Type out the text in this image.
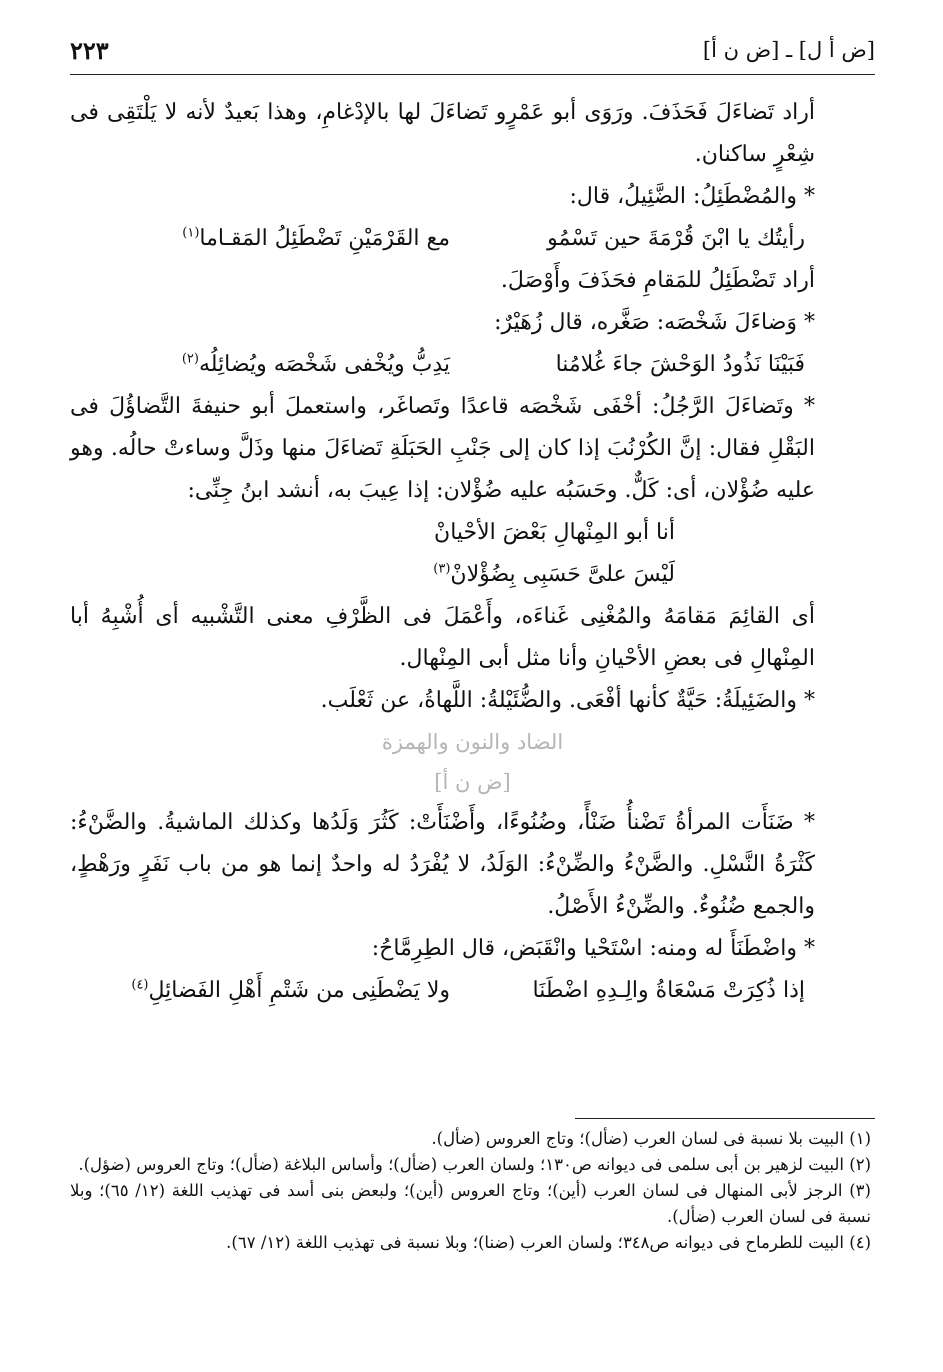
٢٢٣	[ض أ ل] ـ [ض ن أ]

أراد تَضاءَلَ فَحَذَفَ. ورَوَى أبو عَمْرٍو تَضاءَلَ لها بالإدْغامِ، وهذا بَعيدٌ لأنه لا يَلْتَقِى فى شِعْرٍ ساكنان.

* والمُضْطَئِلُ: الضَّئِيلُ، قال:

رأيتُك يا ابْنَ قُرْمَةَ حين تَسْمُو
مع القَرْمَيْنِ تَضْطَئِلُ المَقـاما$^{(١)}$

أراد تَضْطَئِلُ للمَقامِ فحَذَفَ وأَوْصَلَ.

* وَضاءَلَ شَخْصَه: صَغَّره، قال زُهَيْرٌ:

فَبَيْنَا نَذُودُ الوَحْشَ جاءَ غُلامُنا
يَدِبُّ ويُخْفى شَخْصَه ويُضائِلُه$^{(٢)}$

* وتَضاءَلَ الرَّجُلُ: أخْفَى شَخْصَه قاعدًا وتَصاغَر، واستعملَ أبو حنيفةَ التَّضاؤُلَ فى البَقْلِ فقال: إنَّ الكُرْنُبَ إذا كان إلى جَنْبِ الحَبَلَةِ تَضاءَلَ منها وذَلَّ وساءتْ حالُه. وهو عليه ضُؤْلان، أى: كَلٌّ. وحَسَبُه عليه ضُؤْلان: إذا عِيبَ به، أنشد ابنُ جِنِّى:

أنا أبو المِنْهالِ بَعْضَ الأحْيانْ
لَيْسَ علىَّ حَسَبِى بِضُؤْلانْ$^{(٣)}$

أى القائِمَ مَقامَهُ والمُغْنِى غَناءَه، وأَعْمَلَ فى الظَّرْفِ معنى التَّشْبيه أى أُشْبِهُ أبا المِنْهالِ فى بعضِ الأحْيانِ وأنا مثل أبى المِنْهال.

* والضَئِيلَةُ: حَيَّةٌ كأنها أفْعَى. والضُّئَيْلةُ: اللَّهاةُ، عن ثَعْلَب.

الضاد والنون والهمزة
[ض ن أ]

* ضَنَأَت المرأةُ تَضْنأُ ضَنْأً، وضُنُوءًا، وأَضْنَأَتْ: كَثُرَ وَلَدُها وكذلك الماشيةُ. والضَّنْءُ: كَثْرَةُ النَّسْلِ. والضَّنْءُ والضِّنْءُ: الوَلَدُ، لا يُفْرَدُ له واحدٌ إنما هو من باب نَفَرٍ ورَهْطٍ، والجمع ضُنُوءٌ. والضِّنْءُ الأَصْلُ.

* واضْطَنَأَ له ومنه: اسْتَحْيا وانْقَبَض، قال الطِرِمَّاحُ:

إذا ذُكِرَتْ مَسْعَاةُ والِـدِهِ اضْطَنَا
ولا يَضْطَنِى من شَتْمِ أَهْلِ الفَضائِلِ$^{(٤)}$

(١) البيت بلا نسبة فى لسان العرب (ضأل)؛ وتاج العروس (ضأل).

(٢) البيت لزهير بن أبى سلمى فى ديوانه ص١٣٠؛ ولسان العرب (ضأل)؛ وأساس البلاغة (ضأل)؛ وتاج العروس (ضؤل).

(٣) الرجز لأبى المنهال فى لسان العرب (أين)؛ وتاج العروس (أين)؛ ولبعض بنى أسد فى تهذيب اللغة (١٢/ ٦٥)؛ وبلا نسبة فى لسان العرب (ضأل).

(٤) البيت للطرماح فى ديوانه ص٣٤٨؛ ولسان العرب (ضنا)؛ وبلا نسبة فى تهذيب اللغة (١٢/ ٦٧).
